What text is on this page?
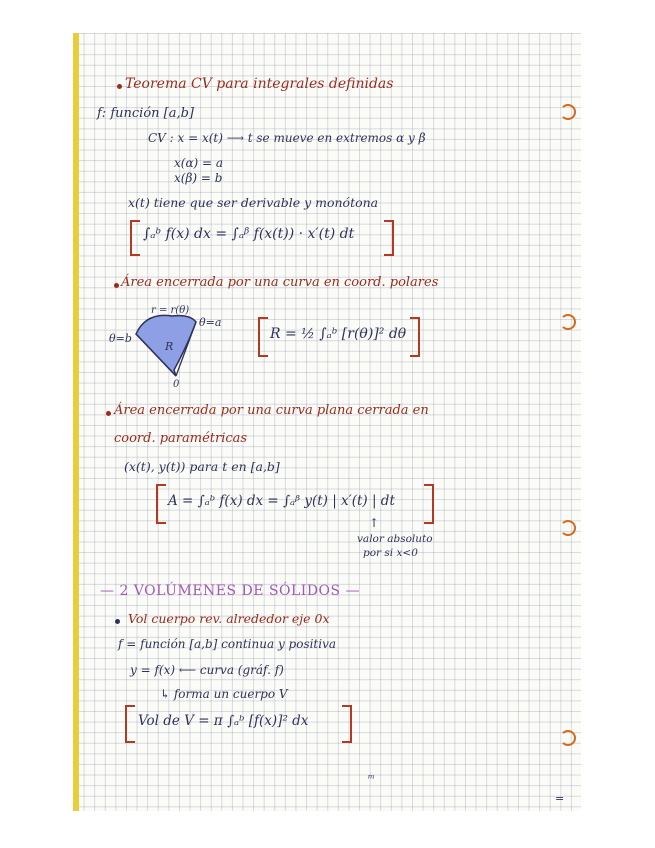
Teorema CV para integrales definidas
f: función [a,b]
CV : x = x(t) ⟶ t se mueve en extremos α y β
x(α) = a
x(β) = b
x(t) tiene que ser derivable y monótona
∫ₐᵇ f(x) dx = ∫ₐᵝ f(x(t)) · x′(t) dt
Área encerrada por una curva en coord. polares
r = r(θ)
θ=b
θ=a
R
0
R = ½ ∫ₐᵇ [r(θ)]² dθ
Área encerrada por una curva plana cerrada en
coord. paramétricas
(x(t), y(t)) para t en [a,b]
A = ∫ₐᵇ f(x) dx = ∫ₐᵝ y(t) | x′(t) | dt
↑
valor absoluto
por si x<0
— 2 VOLÚMENES DE SÓLIDOS —
Vol cuerpo rev. alrededor eje 0x
f = función [a,b] continua y positiva
y = f(x) ⟵ curva (gráf. f)
↳ forma un cuerpo V
Vol de V = π ∫ₐᵇ [f(x)]² dx
ᵐ
=
